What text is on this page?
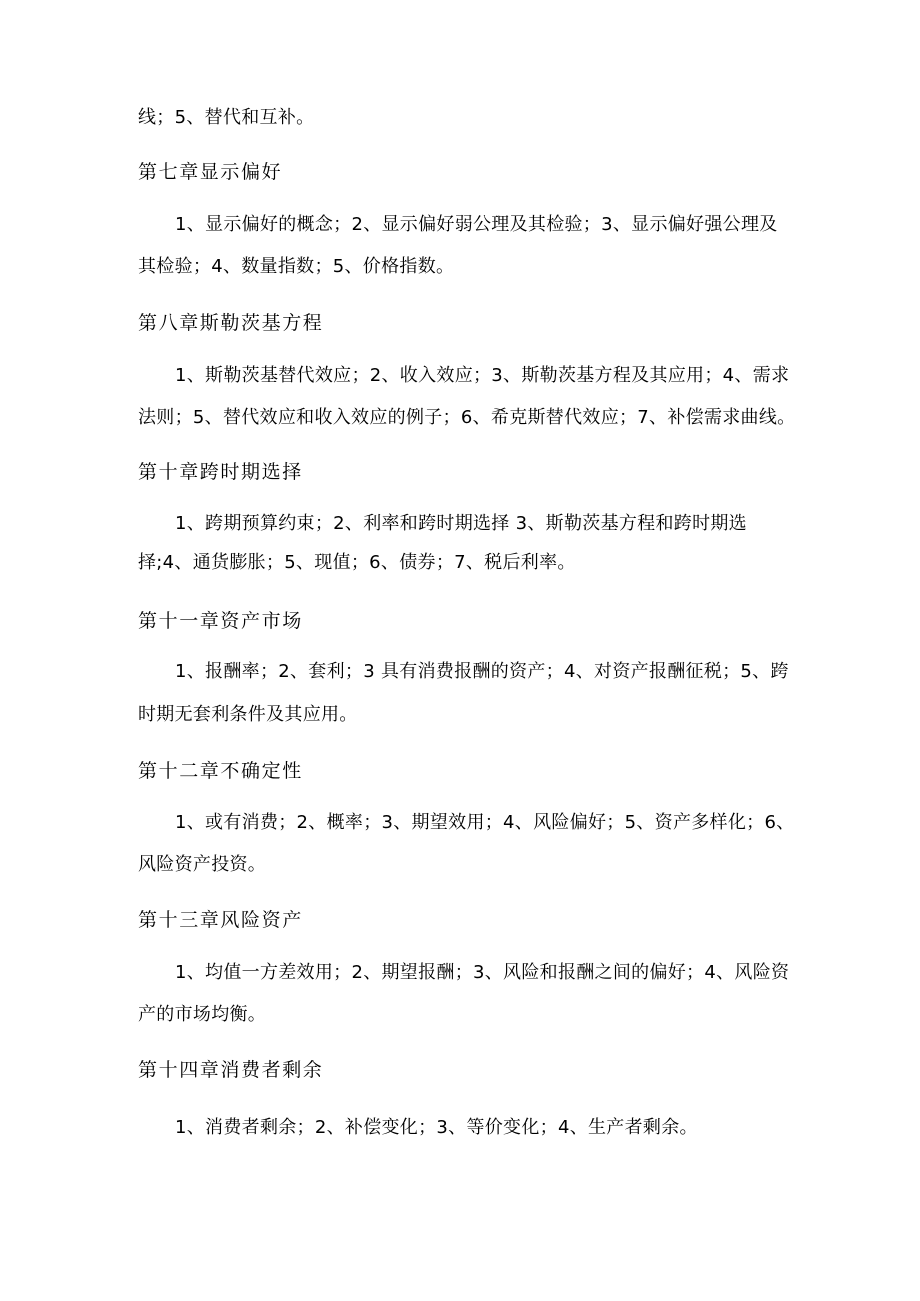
线；5、替代和互补。
第七章显示偏好
1、显示偏好的概念；2、显示偏好弱公理及其检验；3、显示偏好强公理及
其检验；4、数量指数；5、价格指数。
第八章斯勒茨基方程
1、斯勒茨基替代效应；2、收入效应；3、斯勒茨基方程及其应用；4、需求
法则；5、替代效应和收入效应的例子；6、希克斯替代效应；7、补偿需求曲线。
第十章跨时期选择
1、跨期预算约束；2、利率和跨时期选择 3、斯勒茨基方程和跨时期选
择;4、通货膨胀；5、现值；6、债券；7、税后利率。
第十一章资产市场
1、报酬率；2、套利；3 具有消费报酬的资产；4、对资产报酬征税；5、跨
时期无套利条件及其应用。
第十二章不确定性
1、或有消费；2、概率；3、期望效用；4、风险偏好；5、资产多样化；6、
风险资产投资。
第十三章风险资产
1、均值一方差效用；2、期望报酬；3、风险和报酬之间的偏好；4、风险资
产的市场均衡。
第十四章消费者剩余
1、消费者剩余；2、补偿变化；3、等价变化；4、生产者剩余。
